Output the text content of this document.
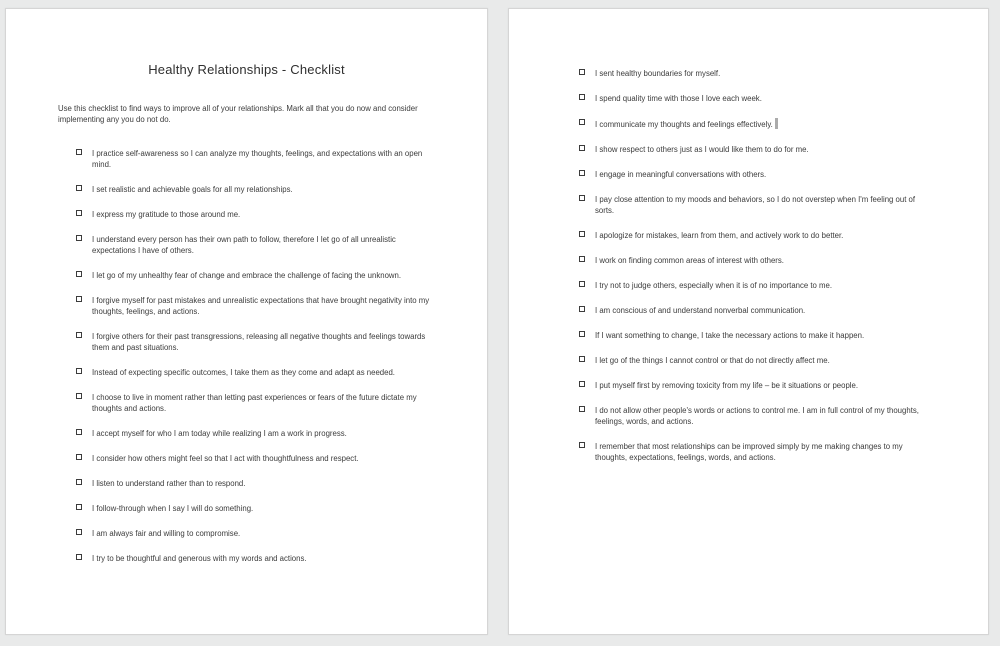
Healthy Relationships - Checklist
Use this checklist to find ways to improve all of your relationships. Mark all that you do now and consider implementing any you do not do.
I practice self-awareness so I can analyze my thoughts, feelings, and expectations with an open mind.
I set realistic and achievable goals for all my relationships.
I express my gratitude to those around me.
I understand every person has their own path to follow, therefore I let go of all unrealistic expectations I have of others.
I let go of my unhealthy fear of change and embrace the challenge of facing the unknown.
I forgive myself for past mistakes and unrealistic expectations that have brought negativity into my thoughts, feelings, and actions.
I forgive others for their past transgressions, releasing all negative thoughts and feelings towards them and past situations.
Instead of expecting specific outcomes, I take them as they come and adapt as needed.
I choose to live in moment rather than letting past experiences or fears of the future dictate my thoughts and actions.
I accept myself for who I am today while realizing I am a work in progress.
I consider how others might feel so that I act with thoughtfulness and respect.
I listen to understand rather than to respond.
I follow-through when I say I will do something.
I am always fair and willing to compromise.
I try to be thoughtful and generous with my words and actions.
I sent healthy boundaries for myself.
I spend quality time with those I love each week.
I communicate my thoughts and feelings effectively.
I show respect to others just as I would like them to do for me.
I engage in meaningful conversations with others.
I pay close attention to my moods and behaviors, so I do not overstep when I'm feeling out of sorts.
I apologize for mistakes, learn from them, and actively work to do better.
I work on finding common areas of interest with others.
I try not to judge others, especially when it is of no importance to me.
I am conscious of and understand nonverbal communication.
If I want something to change, I take the necessary actions to make it happen.
I let go of the things I cannot control or that do not directly affect me.
I put myself first by removing toxicity from my life – be it situations or people.
I do not allow other people's words or actions to control me. I am in full control of my thoughts, feelings, words, and actions.
I remember that most relationships can be improved simply by me making changes to my thoughts, expectations, feelings, words, and actions.
